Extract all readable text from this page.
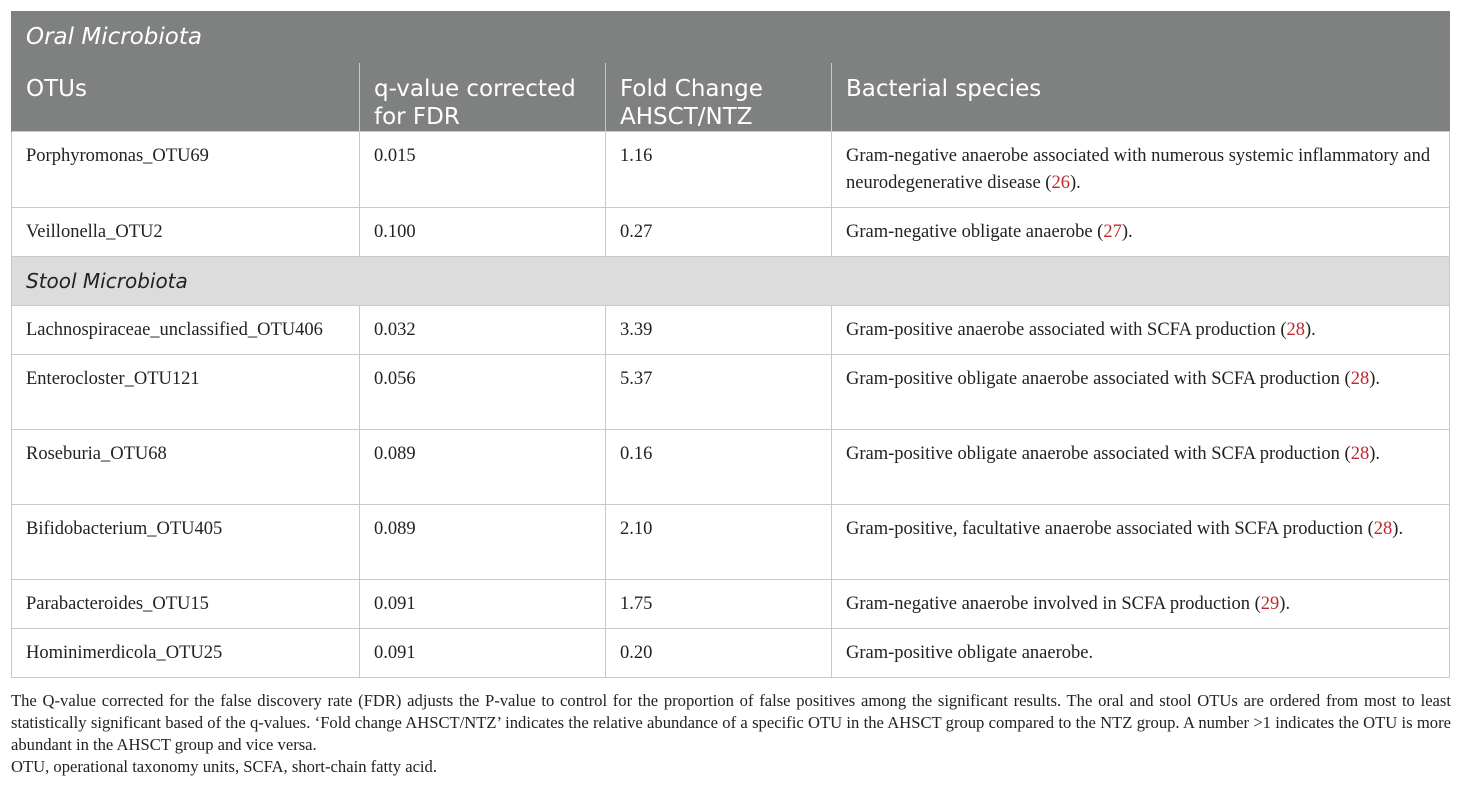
Oral Microbiota			
OTUs	q-value corrected for FDR	Fold Change AHSCT/NTZ	Bacterial species
Porphyromonas_OTU69	0.015	1.16	Gram-negative anaerobe associated with numerous systemic inflammatory and neurodegenerative disease (26).
Veillonella_OTU2	0.100	0.27	Gram-negative obligate anaerobe (27).
Stool Microbiota			
Lachnospiraceae_unclassified_OTU406	0.032	3.39	Gram-positive anaerobe associated with SCFA production (28).
Enterocloster_OTU121	0.056	5.37	Gram-positive obligate anaerobe associated with SCFA production (28).
Roseburia_OTU68	0.089	0.16	Gram-positive obligate anaerobe associated with SCFA production (28).
Bifidobacterium_OTU405	0.089	2.10	Gram-positive, facultative anaerobe associated with SCFA production (28).
Parabacteroides_OTU15	0.091	1.75	Gram-negative anaerobe involved in SCFA production (29).
Hominimerdicola_OTU25	0.091	0.20	Gram-positive obligate anaerobe.

The Q-value corrected for the false discovery rate (FDR) adjusts the P-value to control for the proportion of false positives among the significant results. The oral and stool OTUs are ordered from most to least statistically significant based of the q-values. ‘Fold change AHSCT/NTZ’ indicates the relative abundance of a specific OTU in the AHSCT group compared to the NTZ group. A number >1 indicates the OTU is more abundant in the AHSCT group and vice versa.

OTU, operational taxonomy units, SCFA, short-chain fatty acid.
